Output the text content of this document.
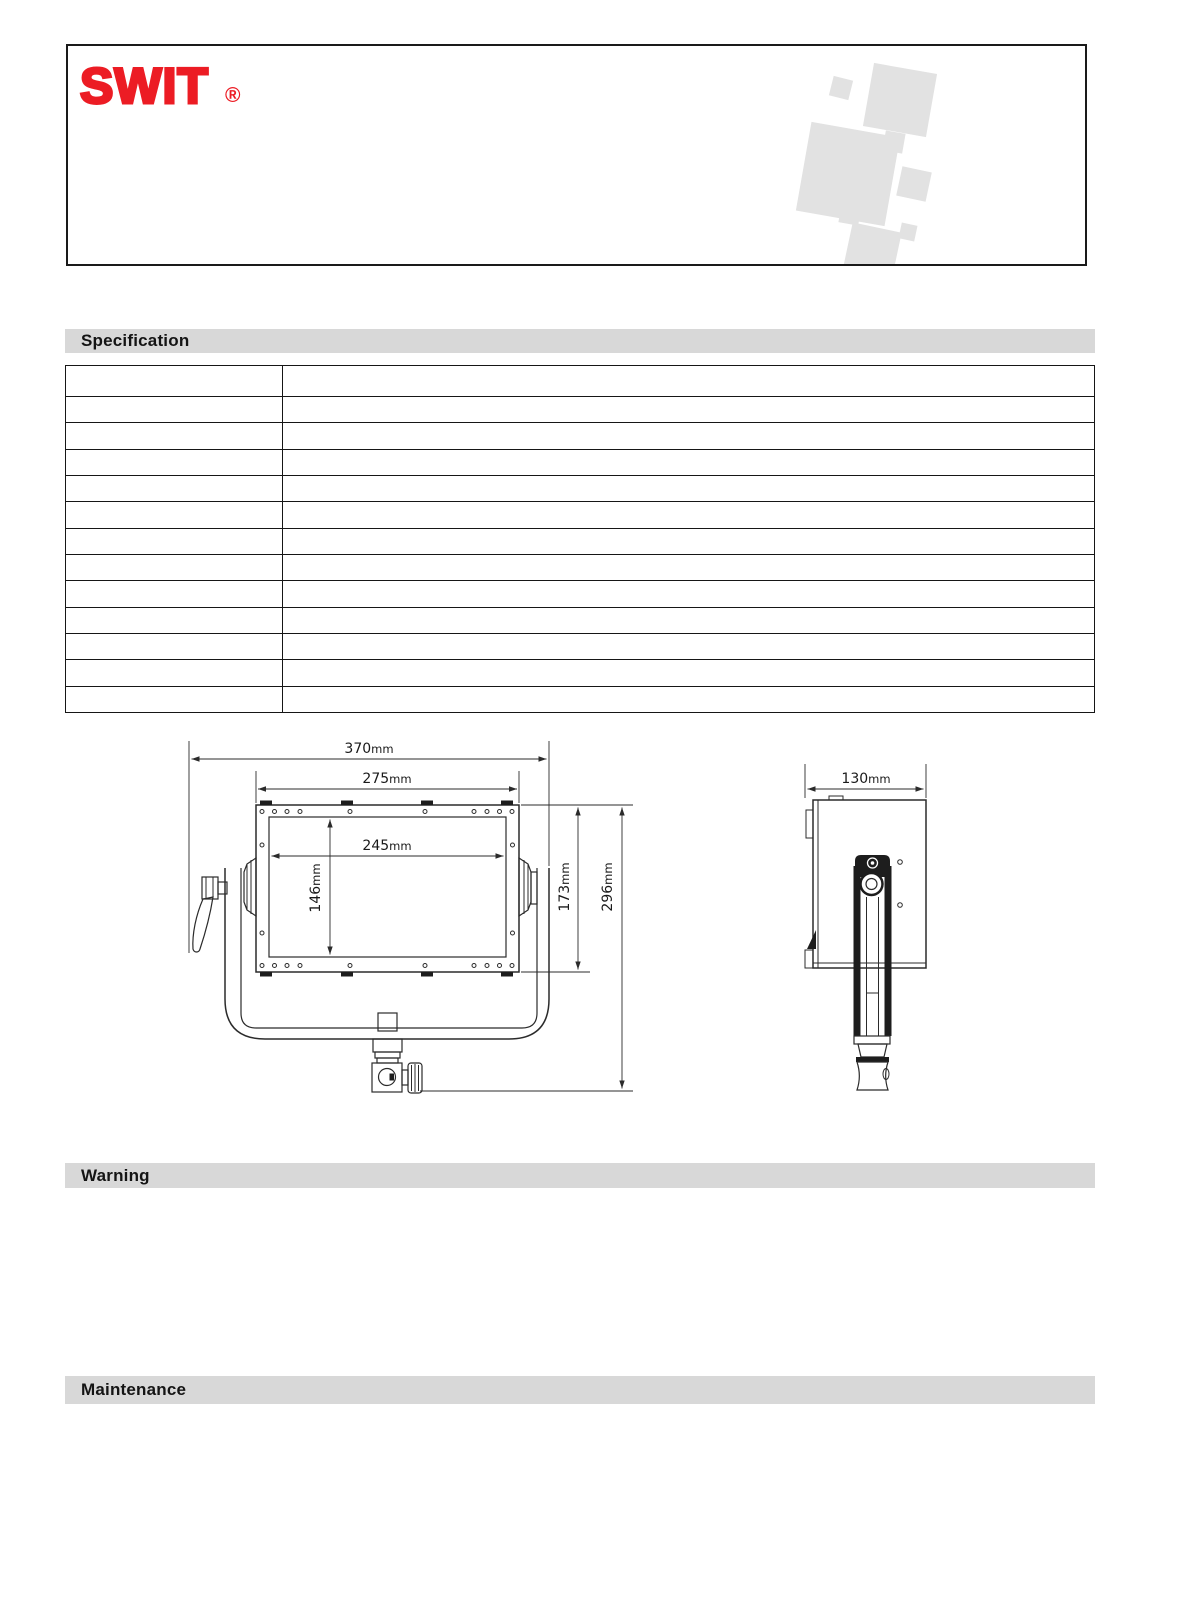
SWIT ®
Specification
370mm
275mm
245mm
146mm
173mm
296mm
130mm
Warning
Maintenance
